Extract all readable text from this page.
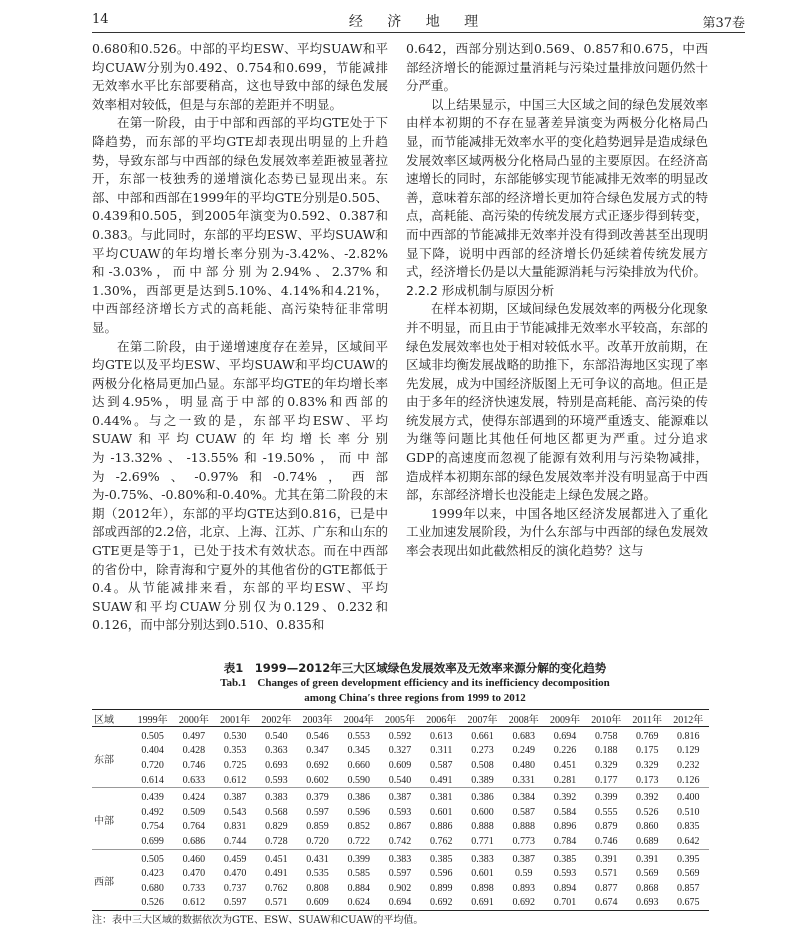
14	经 济 地 理	第37卷

0.680和0.526。中部的平均ESW、平均SUAW和平均CUAW分别为0.492、0.754和0.699，节能减排无效率水平比东部要稍高，这也导致中部的绿色发展效率相对较低，但是与东部的差距并不明显。

在第一阶段，由于中部和西部的平均GTE处于下降趋势，而东部的平均GTE却表现出明显的上升趋势，导致东部与中西部的绿色发展效率差距被显著拉开，东部一枝独秀的递增演化态势已显现出来。东部、中部和西部在1999年的平均GTE分别是0.505、0.439和0.505，到2005年演变为0.592、0.387和0.383。与此同时，东部的平均ESW、平均SUAW和平均CUAW的年均增长率分别为-3.42%、-2.82%和-3.03%，而中部分别为2.94%、2.37%和1.30%，西部更是达到5.10%、4.14%和4.21%，中西部经济增长方式的高耗能、高污染特征非常明显。

在第二阶段，由于递增速度存在差异，区域间平均GTE以及平均ESW、平均SUAW和平均CUAW的两极分化格局更加凸显。东部平均GTE的年均增长率达到4.95%，明显高于中部的0.83%和西部的0.44%。与之一致的是，东部平均ESW、平均SUAW和平均CUAW的年均增长率分别为-13.32%、-13.55%和-19.50%，而中部为-2.69%、-0.97%和-0.74%，西部为-0.75%、-0.80%和-0.40%。尤其在第二阶段的末期（2012年），东部的平均GTE达到0.816，已是中部或西部的2.2倍，北京、上海、江苏、广东和山东的GTE更是等于1，已处于技术有效状态。而在中西部的省份中，除青海和宁夏外的其他省份的GTE都低于0.4。从节能减排来看，东部的平均ESW、平均SUAW和平均CUAW分别仅为0.129、0.232和0.126，而中部分别达到0.510、0.835和

0.642，西部分别达到0.569、0.857和0.675，中西部经济增长的能源过量消耗与污染过量排放问题仍然十分严重。

以上结果显示，中国三大区域之间的绿色发展效率由样本初期的不存在显著差异演变为两极分化格局凸显，而节能减排无效率水平的变化趋势迥异是造成绿色发展效率区域两极分化格局凸显的主要原因。在经济高速增长的同时，东部能够实现节能减排无效率的明显改善，意味着东部的经济增长更加符合绿色发展方式的特点，高耗能、高污染的传统发展方式正逐步得到转变，而中西部的节能减排无效率并没有得到改善甚至出现明显下降，说明中西部的经济增长仍延续着传统发展方式，经济增长仍是以大量能源消耗与污染排放为代价。

2.2.2 形成机制与原因分析

在样本初期，区域间绿色发展效率的两极分化现象并不明显，而且由于节能减排无效率水平较高，东部的绿色发展效率也处于相对较低水平。改革开放前期，在区域非均衡发展战略的助推下，东部沿海地区实现了率先发展，成为中国经济版图上无可争议的高地。但正是由于多年的经济快速发展，特别是高耗能、高污染的传统发展方式，使得东部遇到的环境严重透支、能源难以为继等问题比其他任何地区都更为严重。过分追求GDP的高速度而忽视了能源有效利用与污染物减排，造成样本初期东部的绿色发展效率并没有明显高于中西部，东部经济增长也没能走上绿色发展之路。

1999年以来，中国各地区经济发展都进入了重化工业加速发展阶段，为什么东部与中西部的绿色发展效率会表现出如此截然相反的演化趋势？这与

表1　1999—2012年三大区域绿色发展效率及无效率来源分解的变化趋势
Tab.1　Changes of green development efficiency and its inefficiency decomposition
among China′s three regions from 1999 to 2012
区域	1999年	2000年	2001年	2002年	2003年	2004年	2005年	2006年	2007年	2008年	2009年	2010年	2011年	2012年
东部	0.505	0.497	0.530	0.540	0.546	0.553	0.592	0.613	0.661	0.683	0.694	0.758	0.769	0.816
	0.404	0.428	0.353	0.363	0.347	0.345	0.327	0.311	0.273	0.249	0.226	0.188	0.175	0.129
	0.720	0.746	0.725	0.693	0.692	0.660	0.609	0.587	0.508	0.480	0.451	0.329	0.329	0.232
	0.614	0.633	0.612	0.593	0.602	0.590	0.540	0.491	0.389	0.331	0.281	0.177	0.173	0.126
中部	0.439	0.424	0.387	0.383	0.379	0.386	0.387	0.381	0.386	0.384	0.392	0.399	0.392	0.400
	0.492	0.509	0.543	0.568	0.597	0.596	0.593	0.601	0.600	0.587	0.584	0.555	0.526	0.510
	0.754	0.764	0.831	0.829	0.859	0.852	0.867	0.886	0.888	0.888	0.896	0.879	0.860	0.835
	0.699	0.686	0.744	0.728	0.720	0.722	0.742	0.762	0.771	0.773	0.784	0.746	0.689	0.642
西部	0.505	0.460	0.459	0.451	0.431	0.399	0.383	0.385	0.383	0.387	0.385	0.391	0.391	0.395
	0.423	0.470	0.470	0.491	0.535	0.585	0.597	0.596	0.601	0.59	0.593	0.571	0.569	0.569
	0.680	0.733	0.737	0.762	0.808	0.884	0.902	0.899	0.898	0.893	0.894	0.877	0.868	0.857
	0.526	0.612	0.597	0.571	0.609	0.624	0.694	0.692	0.691	0.692	0.701	0.674	0.693	0.675
注：表中三大区域的数据依次为GTE、ESW、SUAW和CUAW的平均值。
